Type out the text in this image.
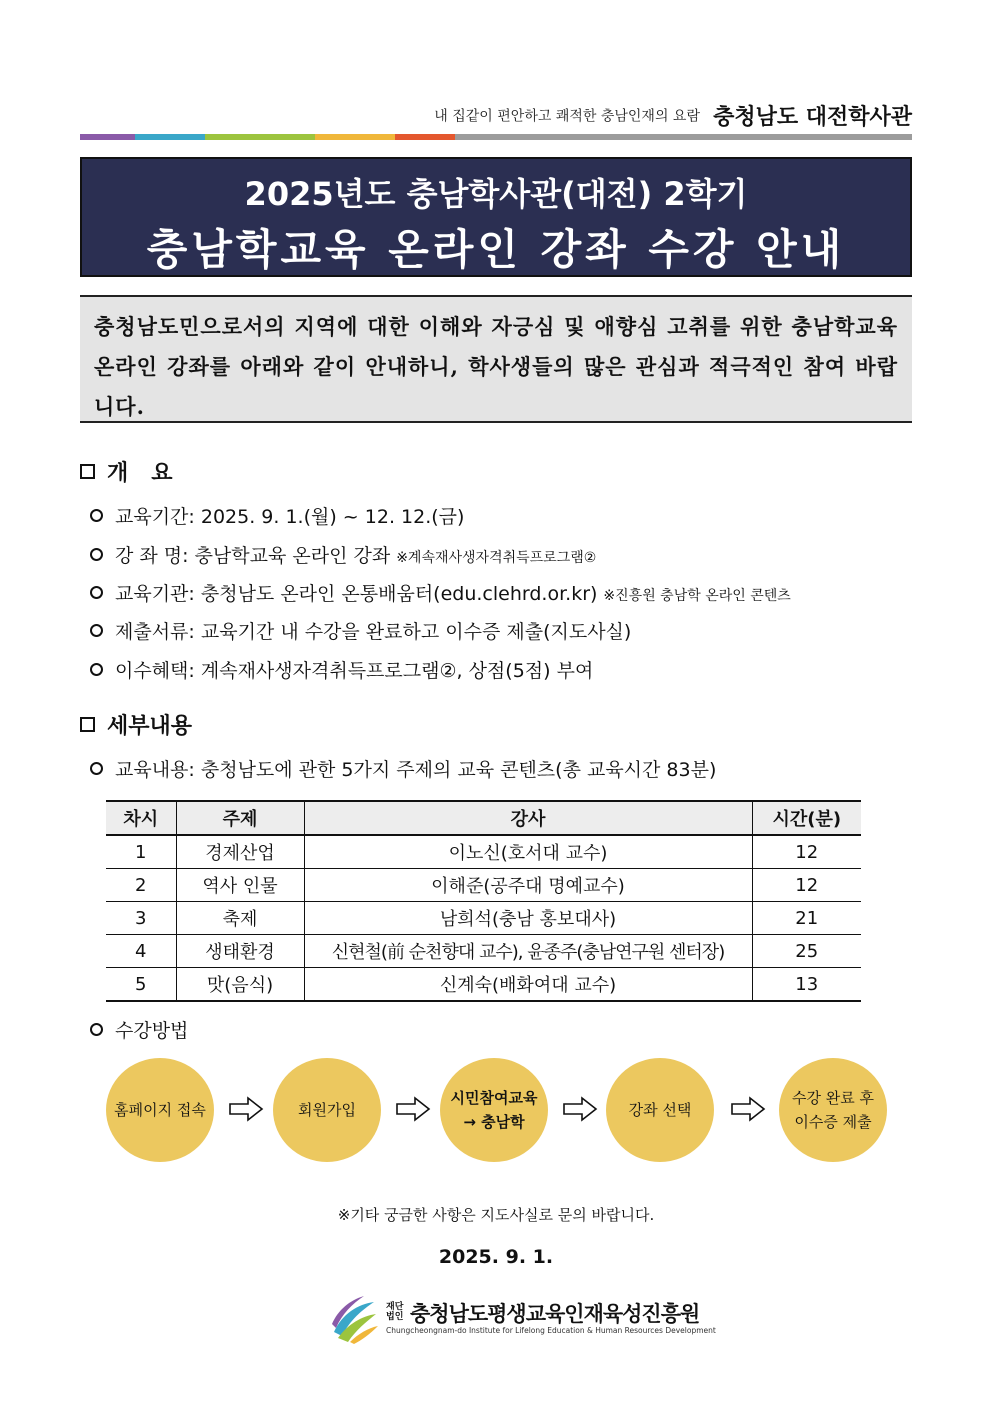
내 집같이 편안하고 쾌적한 충남인재의 요람 충청남도 대전학사관
2025년도 충남학사관(대전) 2학기
충남학교육 온라인 강좌 수강 안내
충청남도민으로서의 지역에 대한 이해와 자긍심 및 애향심 고취를 위한 충남학교육 온라인 강좌를 아래와 같이 안내하니, 학사생들의 많은 관심과 적극적인 참여 바랍니다.
개   요
교육기간: 2025. 9. 1.(월) ~ 12. 12.(금)
강 좌 명: 충남학교육 온라인 강좌 ※계속재사생자격취득프로그램②
교육기관: 충청남도 온라인 온통배움터(edu.clehrd.or.kr) ※진흥원 충남학 온라인 콘텐츠
제출서류: 교육기간 내 수강을 완료하고 이수증 제출(지도사실)
이수혜택: 계속재사생자격취득프로그램②, 상점(5점) 부여
세부내용
교육내용: 충청남도에 관한 5가지 주제의 교육 콘텐츠(총 교육시간 83분)
차시	주제	강사	시간(분)
1	경제산업	이노신(호서대 교수)	12
2	역사 인물	이해준(공주대 명예교수)	12
3	축제	남희석(충남 홍보대사)	21
4	생태환경	신현철(前 순천향대 교수), 윤종주(충남연구원 센터장)	25
5	맛(음식)	신계숙(배화여대 교수)	13
수강방법
홈페이지 접속	회원가입
시민참여교육
→ 충남학
강좌 선택
수강 완료 후
이수증 제출
※기타 궁금한 사항은 지도사실로 문의 바랍니다.
2025. 9. 1.
재단
법인 충청남도평생교육인재육성진흥원
Chungcheongnam-do Institute for Lifelong Education & Human Resources Development
